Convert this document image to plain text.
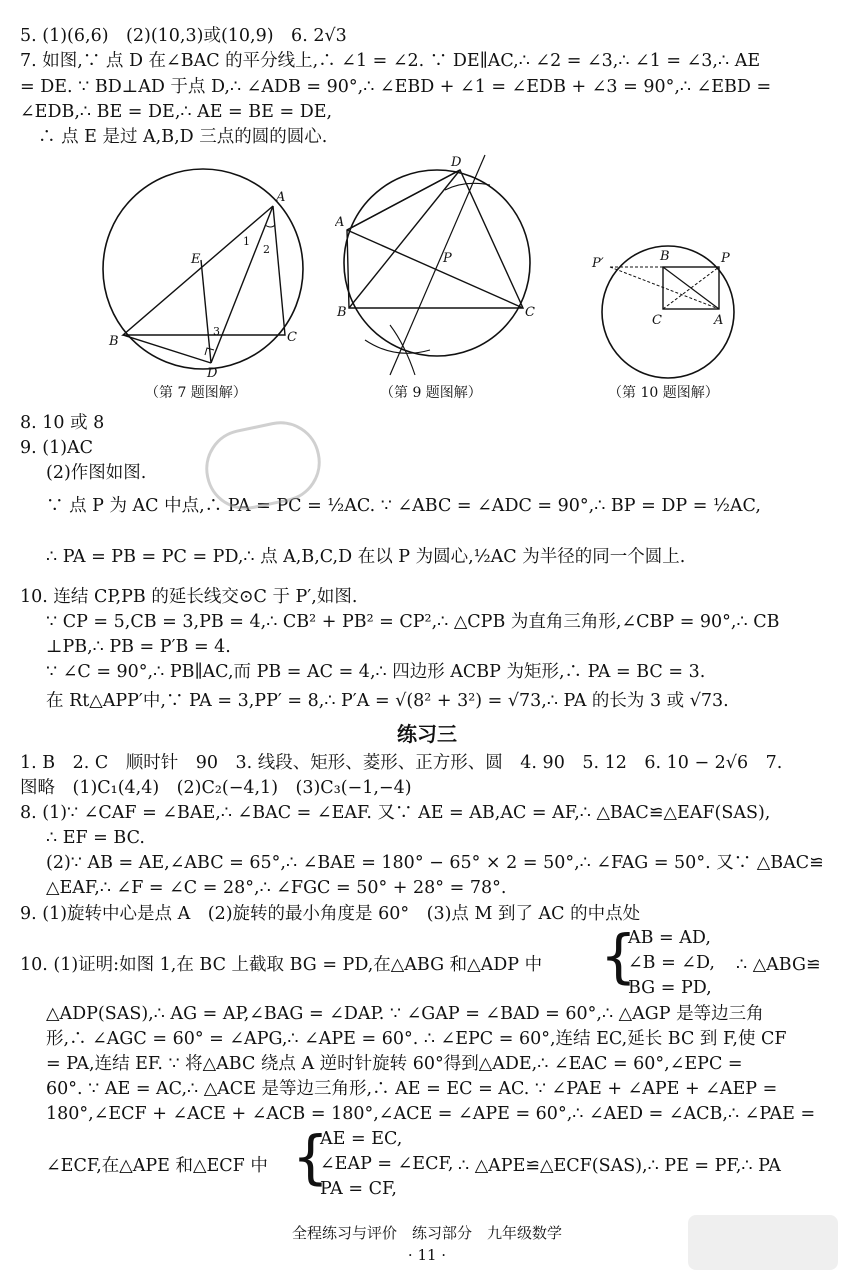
5. (1)(6,6)　(2)(10,3)或(10,9)　6. 2√3
7. 如图,∵ 点 D 在∠BAC 的平分线上,∴ ∠1 = ∠2. ∵ DE∥AC,∴ ∠2 = ∠3,∴ ∠1 = ∠3,∴ AE
= DE. ∵ BD⊥AD 于点 D,∴ ∠ADB = 90°,∴ ∠EBD + ∠1 = ∠EDB + ∠3 = 90°,∴ ∠EBD =
∠EDB,∴ BE = DE,∴ AE = BE = DE,
∴ 点 E 是过 A,B,D 三点的圆的圆心.
A
B	C
D
E
1
2
3
A
B	C
D
P	P′	B	P
C	A
（第 7 题图解）	（第 9 题图解）	（第 10 题图解）
8. 10 或 8
9. (1)AC
(2)作图如图.
∵ 点 P 为 AC 中点,∴ PA = PC = ½AC. ∵ ∠ABC = ∠ADC = 90°,∴ BP = DP = ½AC,
∴ PA = PB = PC = PD,∴ 点 A,B,C,D 在以 P 为圆心,½AC 为半径的同一个圆上.
10. 连结 CP,PB 的延长线交⊙C 于 P′,如图.
∵ CP = 5,CB = 3,PB = 4,∴ CB² + PB² = CP²,∴ △CPB 为直角三角形,∠CBP = 90°,∴ CB
⊥PB,∴ PB = P′B = 4.
∵ ∠C = 90°,∴ PB∥AC,而 PB = AC = 4,∴ 四边形 ACBP 为矩形,∴ PA = BC = 3.
在 Rt△APP′中,∵ PA = 3,PP′ = 8,∴ P′A = √(8² + 3²) = √73,∴ PA 的长为 3 或 √73.
练习三
1. B　2. C　顺时针　90　3. 线段、矩形、菱形、正方形、圆　4. 90　5. 12　6. 10 − 2√6　7.
图略　(1)C₁(4,4)　(2)C₂(−4,1)　(3)C₃(−1,−4)
8. (1)∵ ∠CAF = ∠BAE,∴ ∠BAC = ∠EAF. 又∵ AE = AB,AC = AF,∴ △BAC≌△EAF(SAS),
∴ EF = BC.
(2)∵ AB = AE,∠ABC = 65°,∴ ∠BAE = 180° − 65° × 2 = 50°,∴ ∠FAG = 50°. 又∵ △BAC≌
△EAF,∴ ∠F = ∠C = 28°,∴ ∠FGC = 50° + 28° = 78°.
9. (1)旋转中心是点 A　(2)旋转的最小角度是 60°　(3)点 M 到了 AC 的中点处
10. (1)证明:如图 1,在 BC 上截取 BG = PD,在△ABG 和△ADP 中 {
AB = AD,
∠B = ∠D,
BG = PD,
∴ △ABG≌
△ADP(SAS),∴ AG = AP,∠BAG = ∠DAP. ∵ ∠GAP = ∠BAD = 60°,∴ △AGP 是等边三角
形,∴ ∠AGC = 60° = ∠APG,∴ ∠APE = 60°. ∴ ∠EPC = 60°,连结 EC,延长 BC 到 F,使 CF
= PA,连结 EF. ∵ 将△ABC 绕点 A 逆时针旋转 60°得到△ADE,∴ ∠EAC = 60°,∠EPC =
60°. ∵ AE = AC,∴ △ACE 是等边三角形,∴ AE = EC = AC. ∵ ∠PAE + ∠APE + ∠AEP =
180°,∠ECF + ∠ACE + ∠ACB = 180°,∠ACE = ∠APE = 60°,∴ ∠AED = ∠ACB,∴ ∠PAE =
∠ECF,在△APE 和△ECF 中 {
AE = EC,
∠EAP = ∠ECF,
PA = CF,
∴ △APE≌△ECF(SAS),∴ PE = PF,∴ PA
全程练习与评价　练习部分　九年级数学
· 11 ·
